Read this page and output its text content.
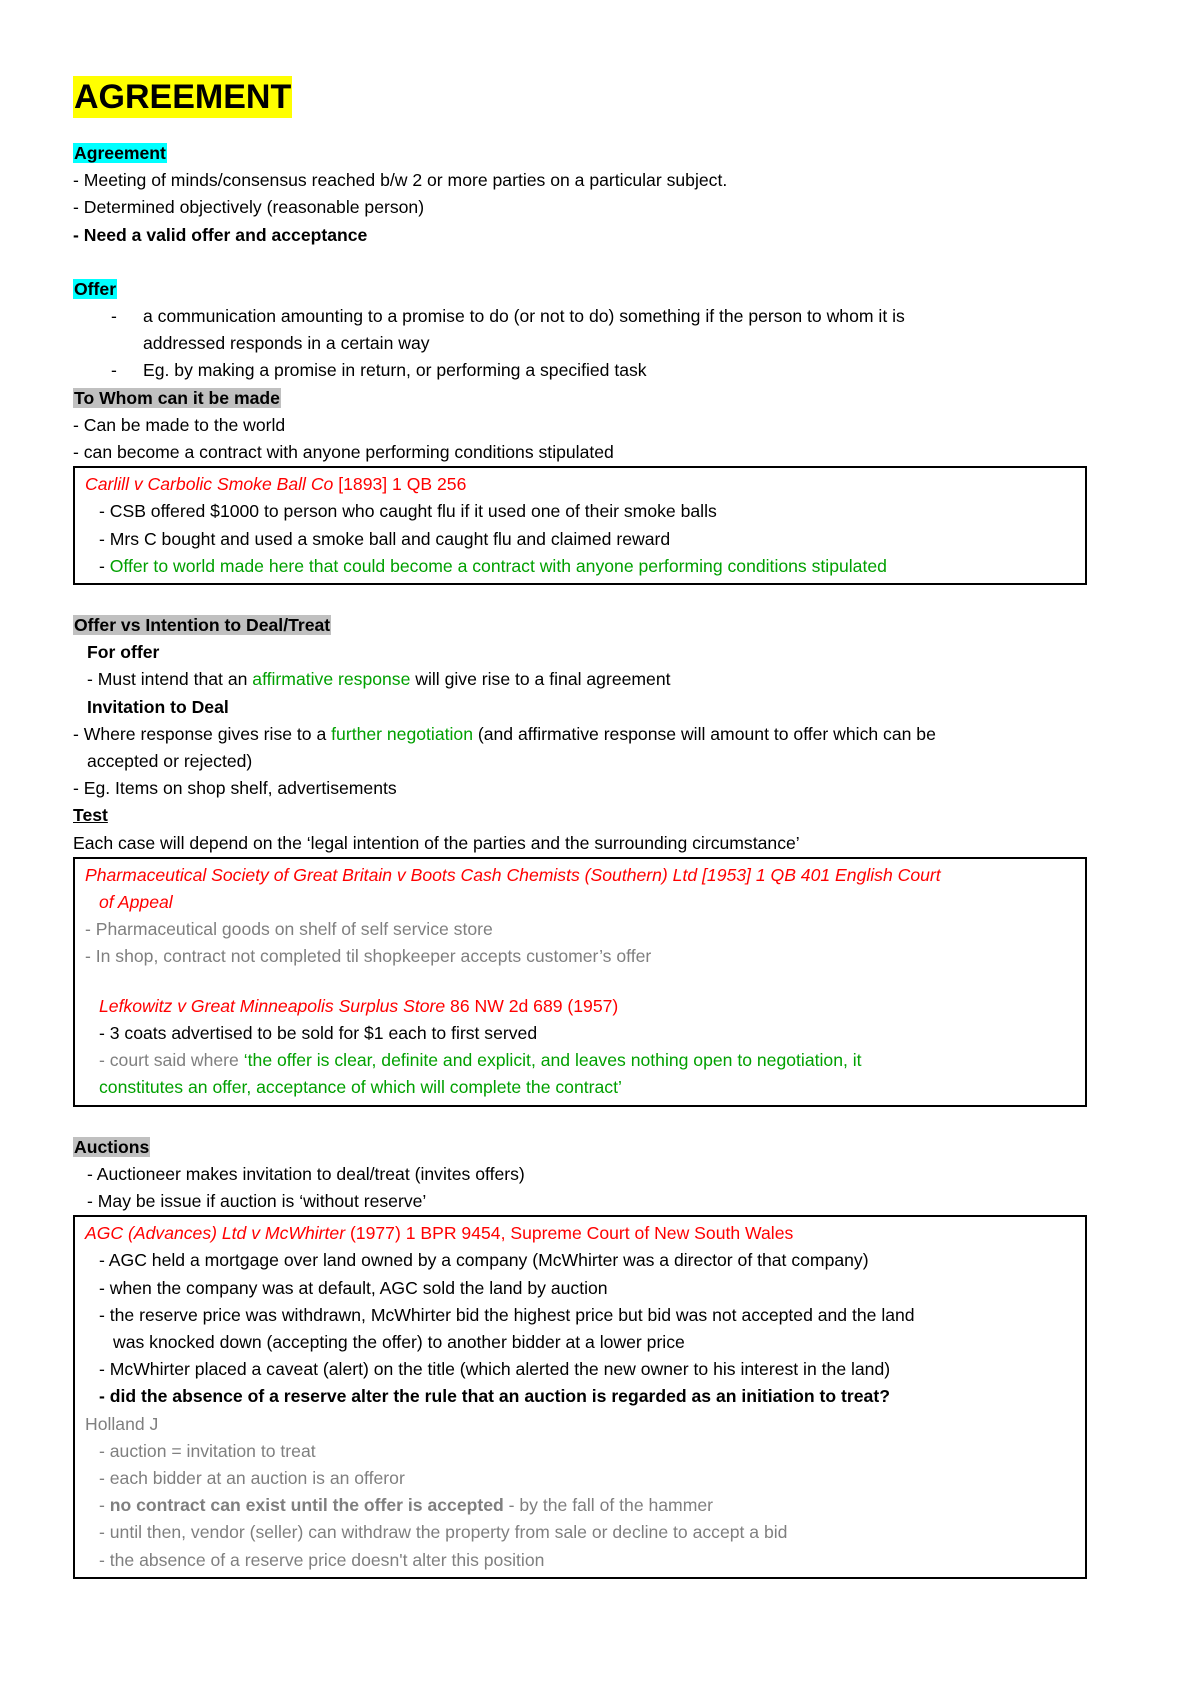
AGREEMENT
Agreement
- Meeting of minds/consensus reached b/w 2 or more parties on a particular subject.
- Determined objectively (reasonable person)
- Need a valid offer and acceptance
Offer
-	a communication amounting to a promise to do (or not to do) something if the person to whom it is
addressed responds in a certain way
-	Eg. by making a promise in return, or performing a specified task
To Whom can it be made
- Can be made to the world
- can become a contract with anyone performing conditions stipulated
Carlill v Carbolic Smoke Ball Co [1893] 1 QB 256
- CSB offered $1000 to person who caught flu if it used one of their smoke balls
- Mrs C bought and used a smoke ball and caught flu and claimed reward
- Offer to world made here that could become a contract with anyone performing conditions stipulated
Offer vs Intention to Deal/Treat
For offer
- Must intend that an affirmative response will give rise to a final agreement
Invitation to Deal
- Where response gives rise to a further negotiation (and affirmative response will amount to offer which can be
accepted or rejected)
- Eg. Items on shop shelf, advertisements
Test
Each case will depend on the ‘legal intention of the parties and the surrounding circumstance’
Pharmaceutical Society of Great Britain v Boots Cash Chemists (Southern) Ltd [1953] 1 QB 401 English Court
of Appeal
- Pharmaceutical goods on shelf of self service store
- In shop, contract not completed til shopkeeper accepts customer’s offer
Lefkowitz v Great Minneapolis Surplus Store 86 NW 2d 689 (1957)
- 3 coats advertised to be sold for $1 each to first served
- court said where ‘the offer is clear, definite and explicit, and leaves nothing open to negotiation, it
constitutes an offer, acceptance of which will complete the contract’
Auctions
- Auctioneer makes invitation to deal/treat (invites offers)
- May be issue if auction is ‘without reserve’
AGC (Advances) Ltd v McWhirter (1977) 1 BPR 9454, Supreme Court of New South Wales
- AGC held a mortgage over land owned by a company (McWhirter was a director of that company)
- when the company was at default, AGC sold the land by auction
- the reserve price was withdrawn, McWhirter bid the highest price but bid was not accepted and the land
was knocked down (accepting the offer) to another bidder at a lower price
- McWhirter placed a caveat (alert) on the title (which alerted the new owner to his interest in the land)
- did the absence of a reserve alter the rule that an auction is regarded as an initiation to treat?
Holland J
- auction = invitation to treat
- each bidder at an auction is an offeror
- no contract can exist until the offer is accepted - by the fall of the hammer
- until then, vendor (seller) can withdraw the property from sale or decline to accept a bid
- the absence of a reserve price doesn't alter this position
